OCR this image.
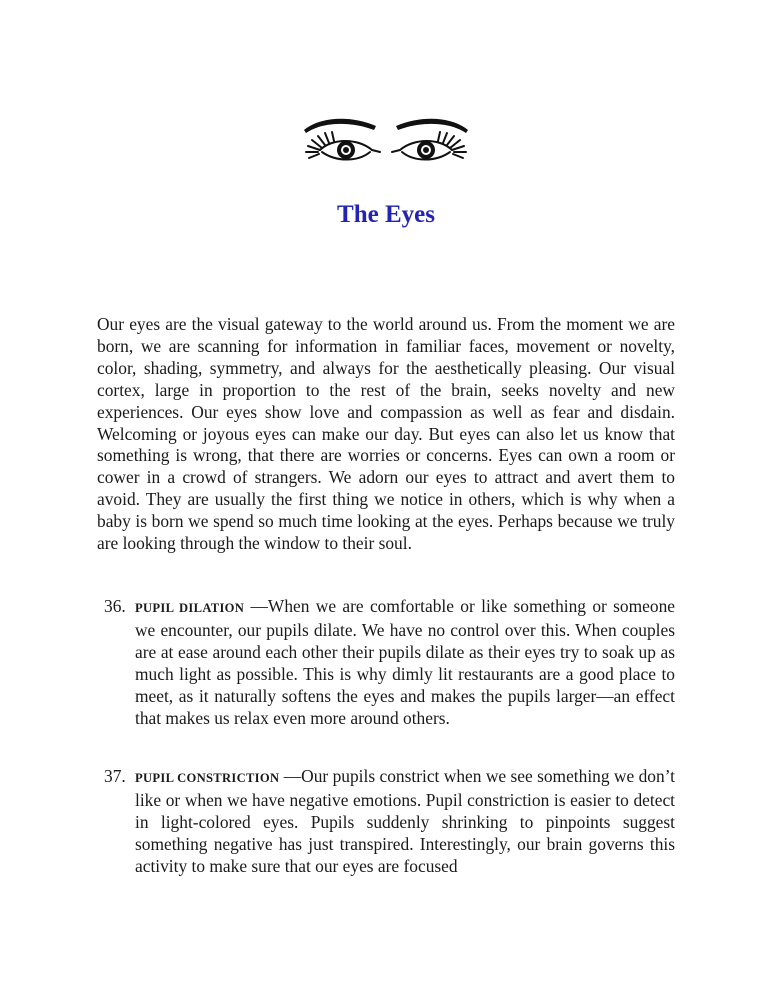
The Eyes

Our eyes are the visual gateway to the world around us. From the moment we are born, we are scanning for information in familiar faces, movement or novelty, color, shading, symmetry, and always for the aesthetically pleasing. Our visual cortex, large in proportion to the rest of the brain, seeks novelty and new experiences. Our eyes show love and compassion as well as fear and disdain. Welcoming or joyous eyes can make our day. But eyes can also let us know that something is wrong, that there are worries or concerns. Eyes can own a room or cower in a crowd of strangers. We adorn our eyes to attract and avert them to avoid. They are usually the first thing we notice in others, which is why when a baby is born we spend so much time looking at the eyes. Perhaps because we truly are looking through the window to their soul.

36. PUPIL DILATION —When we are comfortable or like something or someone we encounter, our pupils dilate. We have no control over this. When couples are at ease around each other their pupils dilate as their eyes try to soak up as much light as possible. This is why dimly lit restaurants are a good place to meet, as it naturally softens the eyes and makes the pupils larger—an effect that makes us relax even more around others.
37. PUPIL CONSTRICTION —Our pupils constrict when we see something we don’t like or when we have negative emotions. Pupil constriction is easier to detect in light-colored eyes. Pupils suddenly shrinking to pinpoints suggest something negative has just transpired. Interestingly, our brain governs this activity to make sure that our eyes are focused
